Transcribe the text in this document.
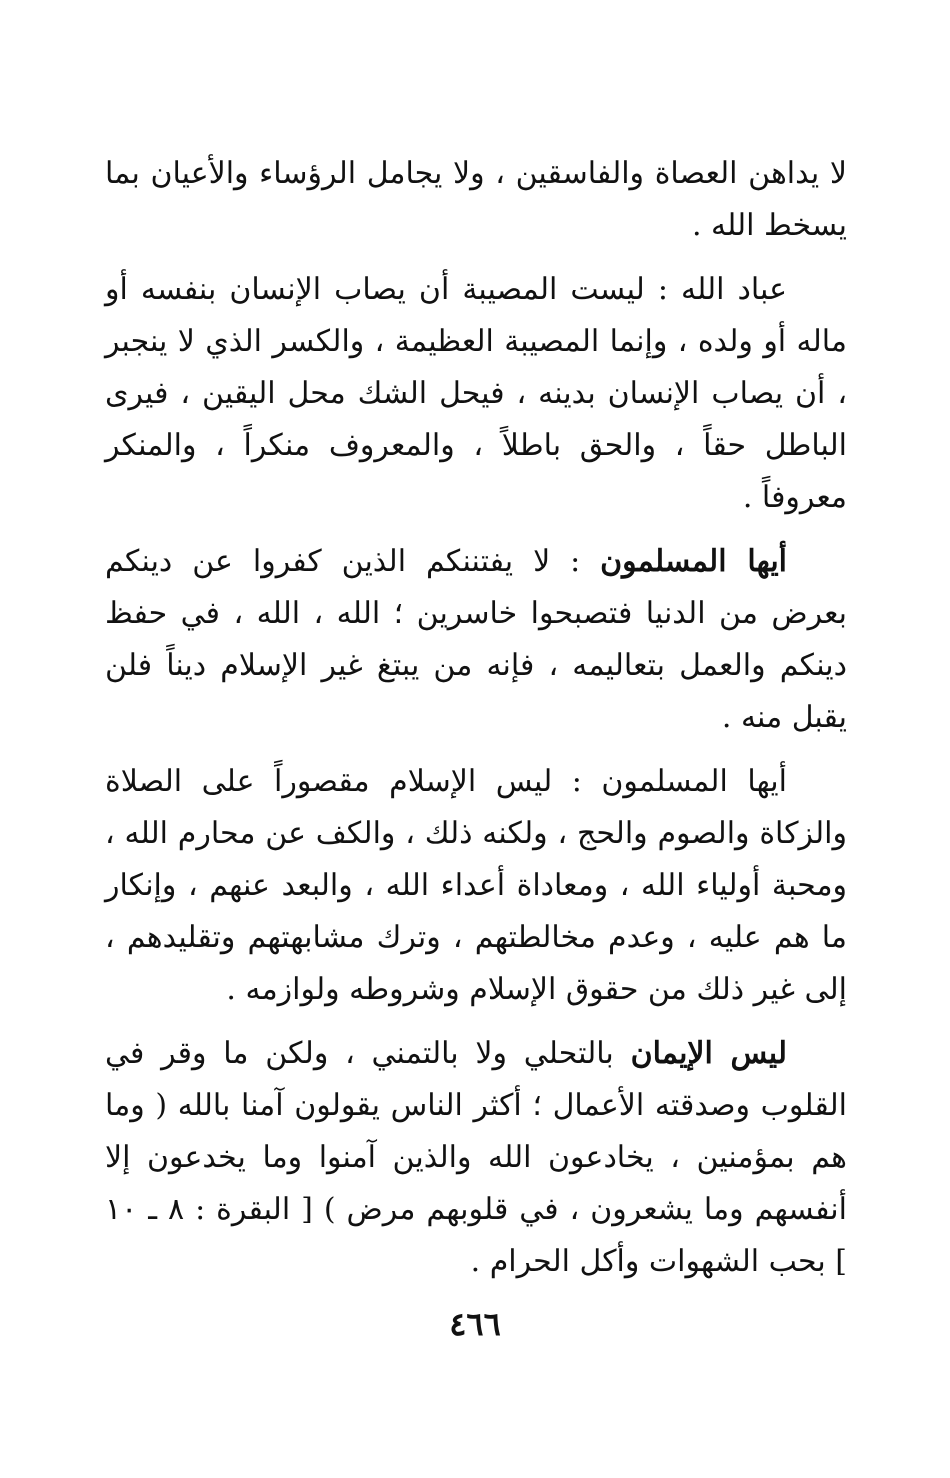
لا يداهن العصاة والفاسقين ، ولا يجامل الرؤساء والأعيان بما يسخط الله .

عباد الله : ليست المصيبة أن يصاب الإنسان بنفسه أو ماله أو ولده ، وإنما المصيبة العظيمة ، والكسر الذي لا ينجبر ، أن يصاب الإنسان بدينه ، فيحل الشك محل اليقين ، فيرى الباطل حقاً ، والحق باطلاً ، والمعروف منكراً ، والمنكر معروفاً .

أيها المسلمون : لا يفتننكم الذين كفروا عن دينكم بعرض من الدنيا فتصبحوا خاسرين ؛ الله ، الله ، في حفظ دينكم والعمل بتعاليمه ، فإنه من يبتغ غير الإسلام ديناً فلن يقبل منه .

أيها المسلمون : ليس الإسلام مقصوراً على الصلاة والزكاة والصوم والحج ، ولكنه ذلك ، والكف عن محارم الله ، ومحبة أولياء الله ، ومعاداة أعداء الله ، والبعد عنهم ، وإنكار ما هم عليه ، وعدم مخالطتهم ، وترك مشابهتهم وتقليدهم ، إلى غير ذلك من حقوق الإسلام وشروطه ولوازمه .

ليس الإيمان بالتحلي ولا بالتمني ، ولكن ما وقر في القلوب وصدقته الأعمال ؛ أكثر الناس يقولون آمنا بالله ( وما هم بمؤمنين ، يخادعون الله والذين آمنوا وما يخدعون إلا أنفسهم وما يشعرون ، في قلوبهم مرض ) [ البقرة : ٨ ـ ١٠ ] بحب الشهوات وأكل الحرام .

٤٦٦
